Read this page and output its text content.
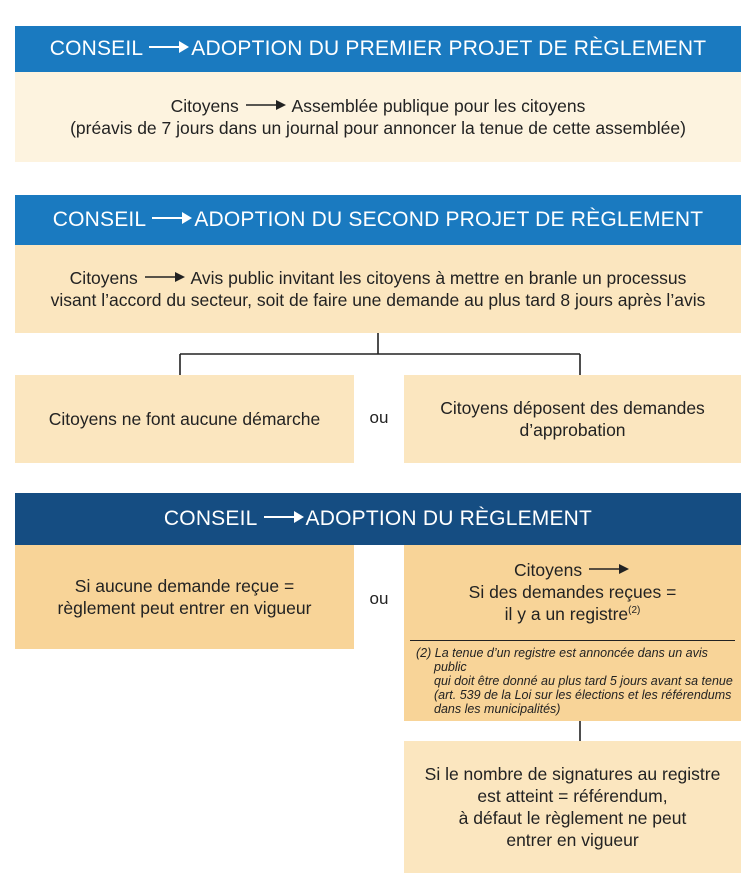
CONSEIL ADOPTION DU PREMIER PROJET DE RÈGLEMENT
Citoyens	Assemblée publique pour les citoyens
(préavis de 7 jours dans un journal pour annoncer la tenue de cette assemblée)
CONSEIL ADOPTION DU SECOND PROJET DE RÈGLEMENT
Citoyens	Avis public invitant les citoyens à mettre en branle un processus
visant l’accord du secteur, soit de faire une demande au plus tard 8 jours après l’avis
Citoyens ne font aucune démarche	ou	Citoyens déposent des demandes
d’approbation
CONSEIL ADOPTION DU RÈGLEMENT
Si aucune demande reçue =
règlement peut entrer en vigueur	ou
Citoyens
Si des demandes reçues =
il y a un registre$^{(2)}$
(2) La tenue d’un registre est annoncée dans un avis public
qui doit être donné au plus tard 5 jours avant sa tenue
(art. 539 de la Loi sur les élections et les référendums
dans les municipalités)
Si le nombre de signatures au registre
est atteint = référendum,
à défaut le règlement ne peut
entrer en vigueur
